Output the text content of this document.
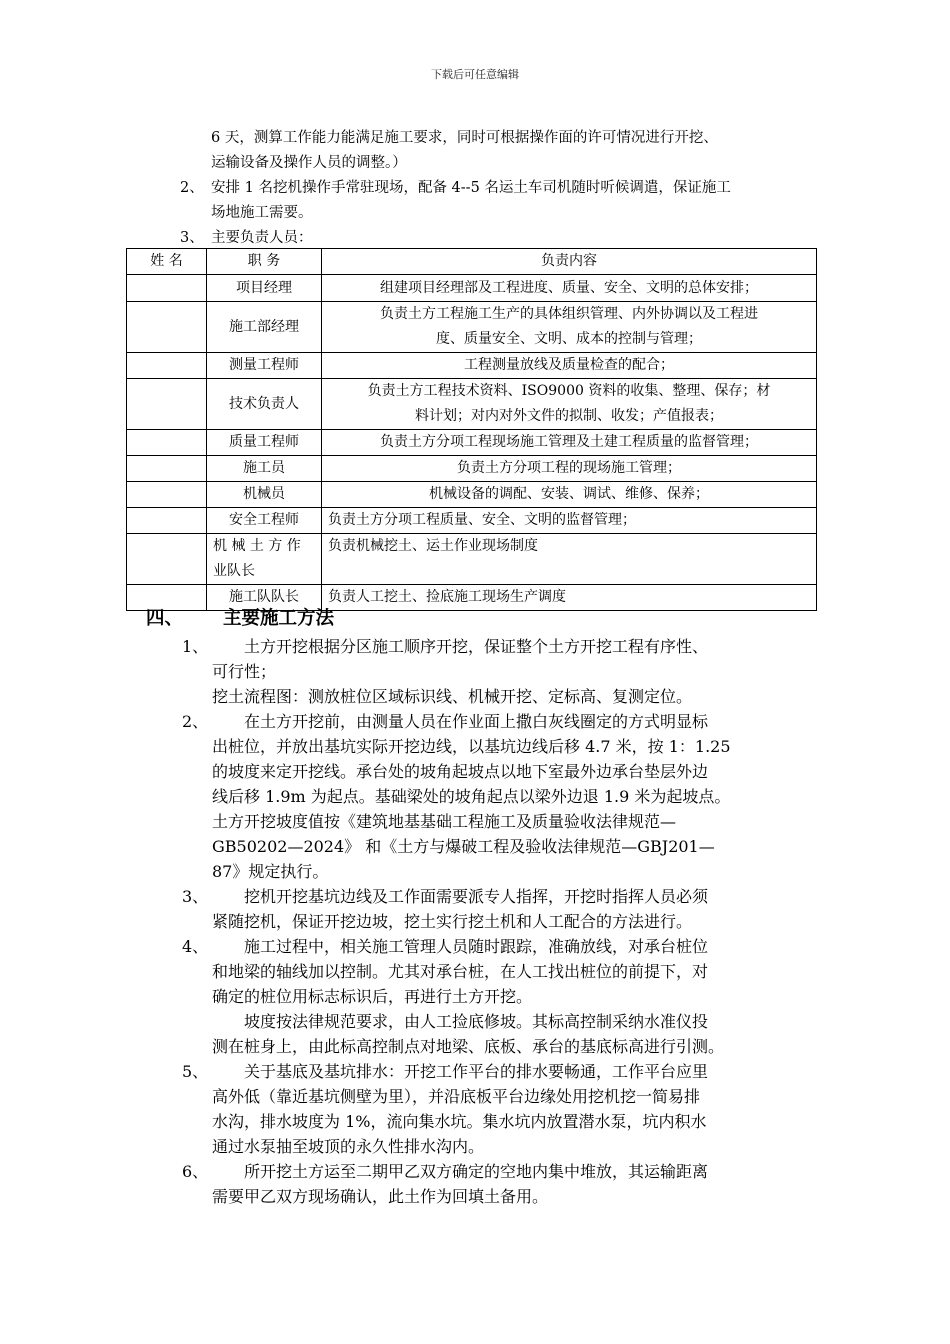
下载后可任意编辑
6 天，测算工作能力能满足施工要求，同时可根据操作面的许可情况进行开挖、
运输设备及操作人员的调整。）
2、 安排 1 名挖机操作手常驻现场，配备 4--5 名运土车司机随时听候调遣，保证施工
场地施工需要。
3、 主要负责人员：
姓 名	职 务	负责内容
	项目经理	组建项目经理部及工程进度、质量、安全、文明的总体安排；
	施工部经理	负责土方工程施工生产的具体组织管理、内外协调以及工程进
度、质量安全、文明、成本的控制与管理；

	测量工程师	工程测量放线及质量检查的配合；
	技术负责人	负责土方工程技术资料、ISO9000 资料的收集、整理、保存；材
料计划；对内对外文件的拟制、收发；产值报表；

	质量工程师	负责土方分项工程现场施工管理及土建工程质量的监督管理；
	施工员	负责土方分项工程的现场施工管理；
	机械员	机械设备的调配、安装、调试、维修、保养；
	安全工程师	负责土方分项工程质量、安全、文明的监督管理；

	机 械 土 方 作
业队长	负责机械挖土、运土作业现场制度
	施工队队长	负责人工挖土、捡底施工现场生产调度
四、 主要施工方法
1、 土方开挖根据分区施工顺序开挖，保证整个土方开挖工程有序性、
可行性；
挖土流程图：测放桩位区域标识线、机械开挖、定标高、复测定位。
2、 在土方开挖前，由测量人员在作业面上撒白灰线圈定的方式明显标
出桩位，并放出基坑实际开挖边线，以基坑边线后移 4.7 米，按 1：1.25
的坡度来定开挖线。承台处的坡角起坡点以地下室最外边承台垫层外边
线后移 1.9m 为起点。基础梁处的坡角起点以梁外边退 1.9 米为起坡点。
土方开挖坡度值按《建筑地基基础工程施工及质量验收法律规范—
GB50202—2024》 和《土方与爆破工程及验收法律规范—GBJ201—
87》规定执行。
3、 挖机开挖基坑边线及工作面需要派专人指挥，开挖时指挥人员必须
紧随挖机，保证开挖边坡，挖土实行挖土机和人工配合的方法进行。
4、 施工过程中，相关施工管理人员随时跟踪，准确放线，对承台桩位
和地梁的轴线加以控制。尤其对承台桩，在人工找出桩位的前提下，对
确定的桩位用标志标识后，再进行土方开挖。
坡度按法律规范要求，由人工捡底修坡。其标高控制采纳水准仪投
测在桩身上，由此标高控制点对地梁、底板、承台的基底标高进行引测。
5、 关于基底及基坑排水：开挖工作平台的排水要畅通，工作平台应里
高外低（靠近基坑侧壁为里），并沿底板平台边缘处用挖机挖一简易排
水沟，排水坡度为 1%，流向集水坑。集水坑内放置潜水泵，坑内积水
通过水泵抽至坡顶的永久性排水沟内。
6、 所开挖土方运至二期甲乙双方确定的空地内集中堆放，其运输距离
需要甲乙双方现场确认，此土作为回填土备用。
